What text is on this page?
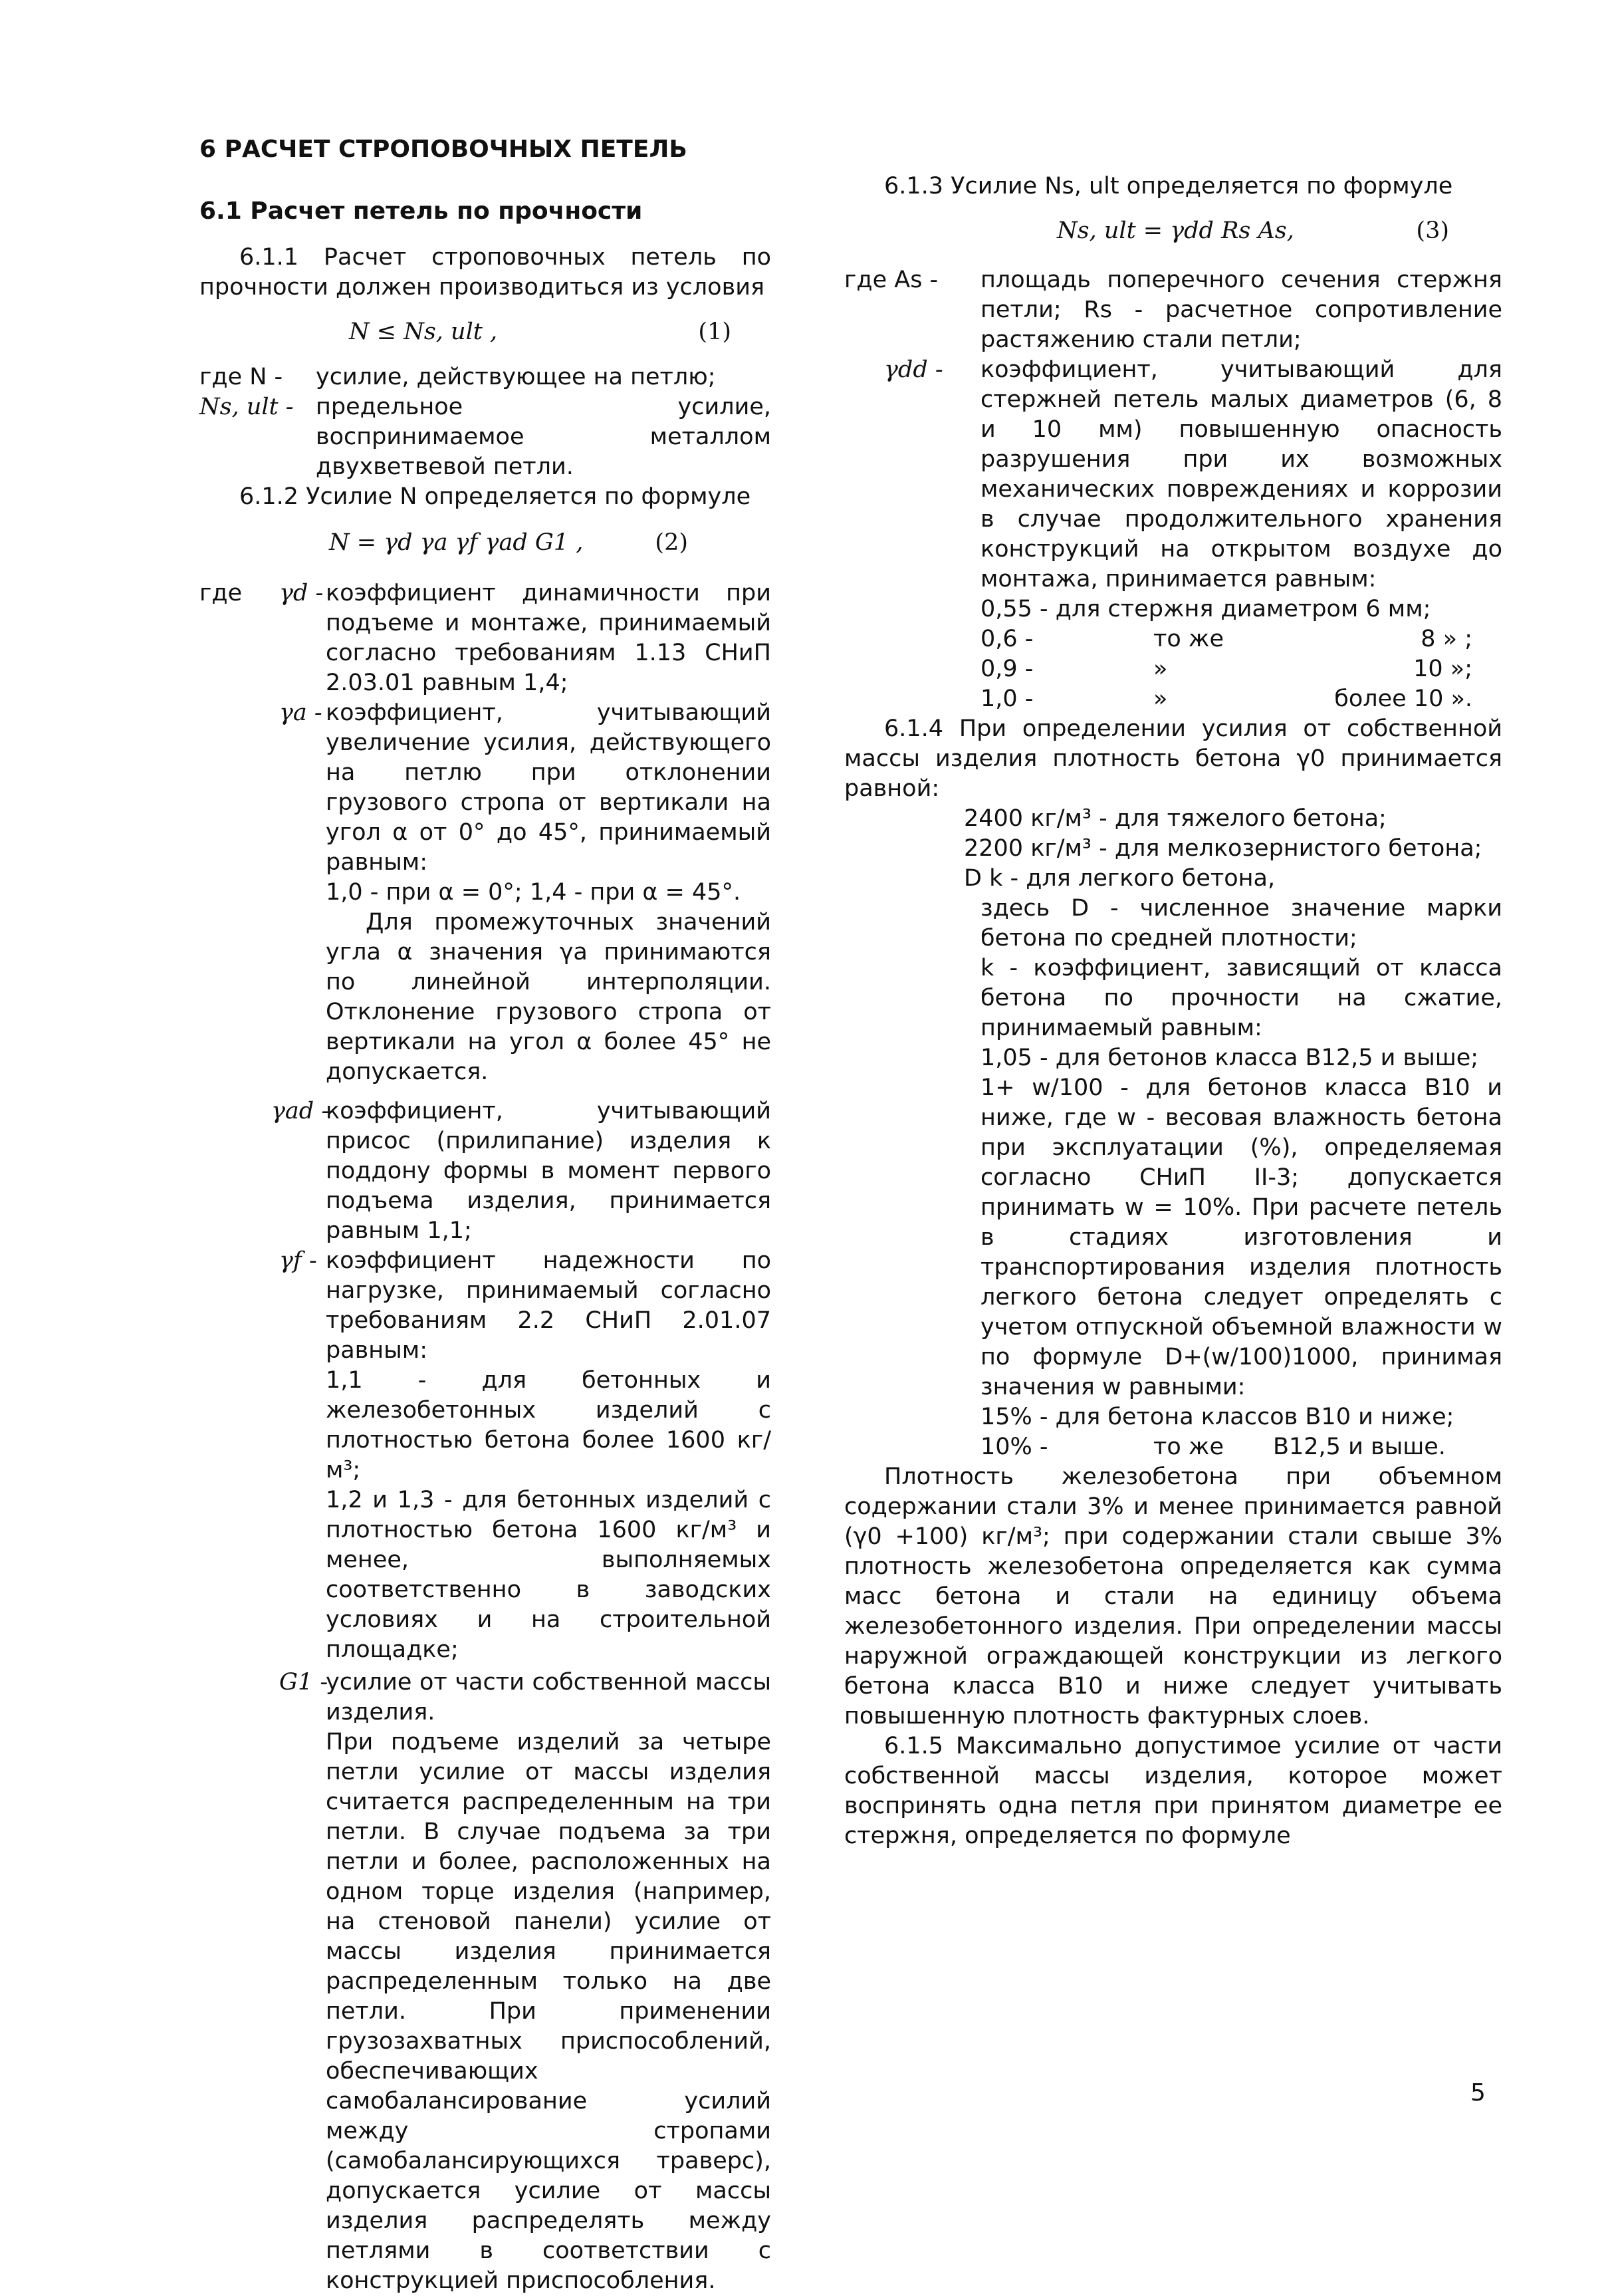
6 РАСЧЕТ СТРОПОВОЧНЫХ ПЕТЕЛЬ
6.1 Расчет петель по прочности

6.1.1 Расчет строповочных петель по прочности должен производиться из условия

N ≤ Ns, ult ,	(1)
где N - усилие, действующее на петлю;
Ns, ult - предельное усилие, воспринимаемое металлом двухветвевой петли.

6.1.2 Усилие N определяется по формуле

N = γd γa γf γad G1 ,	(2)
где γd - коэффициент динамичности при подъеме и монтаже, принимаемый согласно требованиям 1.13 СНиП 2.03.01 равным 1,4;
γa - коэффициент, учитывающий увеличение усилия, действующего на петлю при отклонении грузового стропа от вертикали на угол α от 0° до 45°, принимаемый равным:

1,0 - при α = 0°; 1,4 - при α = 45°.

Для промежуточных значений угла α значения γa принимаются по линейной интерполяции. Отклонение грузового стропа от вертикали на угол α более 45° не допускается.

γad -
коэффициент, учитывающий присос (прилипание) изделия к поддону формы в момент первого подъема изделия, принимается равным 1,1;
γf - коэффициент надежности по нагрузке, принимаемый согласно требованиям 2.2 СНиП 2.01.07 равным:

1,1 - для бетонных и железобетонных изделий с плотностью бетона более 1600 кг/м³;

1,2 и 1,3 - для бетонных изделий с плотностью бетона 1600 кг/м³ и менее, выполняемых соответственно в заводских условиях и на строительной площадке;

G1 -
усилие от части собственной массы изделия.

При подъеме изделий за четыре петли усилие от массы изделия считается распределенным на три петли. В случае подъема за три петли и более, расположенных на одном торце изделия (например, на стеновой панели) усилие от массы изделия принимается распределенным только на две петли. При применении грузозахватных приспособлений, обеспечивающих самобалансирование усилий между стропами (самобалансирующихся траверс), допускается усилие от массы изделия распределять между петлями в соответствии с конструкцией приспособления.

6.1.3 Усилие Ns, ult определяется по формуле

Ns, ult = γdd Rs As,	(3)
где As - площадь поперечного сечения стержня петли; Rs - расчетное сопротивление растяжению стали петли;
γdd - коэффициент, учитывающий для стержней петель малых диаметров (6, 8 и 10 мм) повышенную опасность разрушения при их возможных механических повреждениях и коррозии в случае продолжительного хранения конструкций на открытом воздухе до монтажа, принимается равным:

0,55 - для стержня диаметром 6 мм;

0,6 -	то же	8 » ;
0,9 -	»	10 »;
1,0 -	»	более 10 ».

6.1.4 При определении усилия от собственной массы изделия плотность бетона γ0 принимается равной:

2400 кг/м³ - для тяжелого бетона;

2200 кг/м³ - для мелкозернистого бетона;

D k - для легкого бетона,

здесь D - численное значение марки бетона по средней плотности;

k - коэффициент, зависящий от класса бетона по прочности на сжатие, принимаемый равным:

1,05 - для бетонов класса B12,5 и выше;

1+ w/100 - для бетонов класса B10 и ниже, где w - весовая влажность бетона при эксплуатации (%), определяемая согласно СНиП II-3; допускается принимать w = 10%. При расчете петель в стадиях изготовления и транспортирования изделия плотность легкого бетона следует определять с учетом отпускной объемной влажности w по формуле D+(w/100)1000, принимая значения w равными:

15% - для бетона классов B10 и ниже;

10% -	то же	B12,5 и выше.

Плотность железобетона при объемном содержании стали 3% и менее принимается равной (γ0 +100) кг/м³; при содержании стали свыше 3% плотность железобетона определяется как сумма масс бетона и стали на единицу объема железобетонного изделия. При определении массы наружной ограждающей конструкции из легкого бетона класса B10 и ниже следует учитывать повышенную плотность фактурных слоев.

6.1.5 Максимально допустимое усилие от части собственной массы изделия, которое может воспринять одна петля при принятом диаметре ее стержня, определяется по формуле

5
